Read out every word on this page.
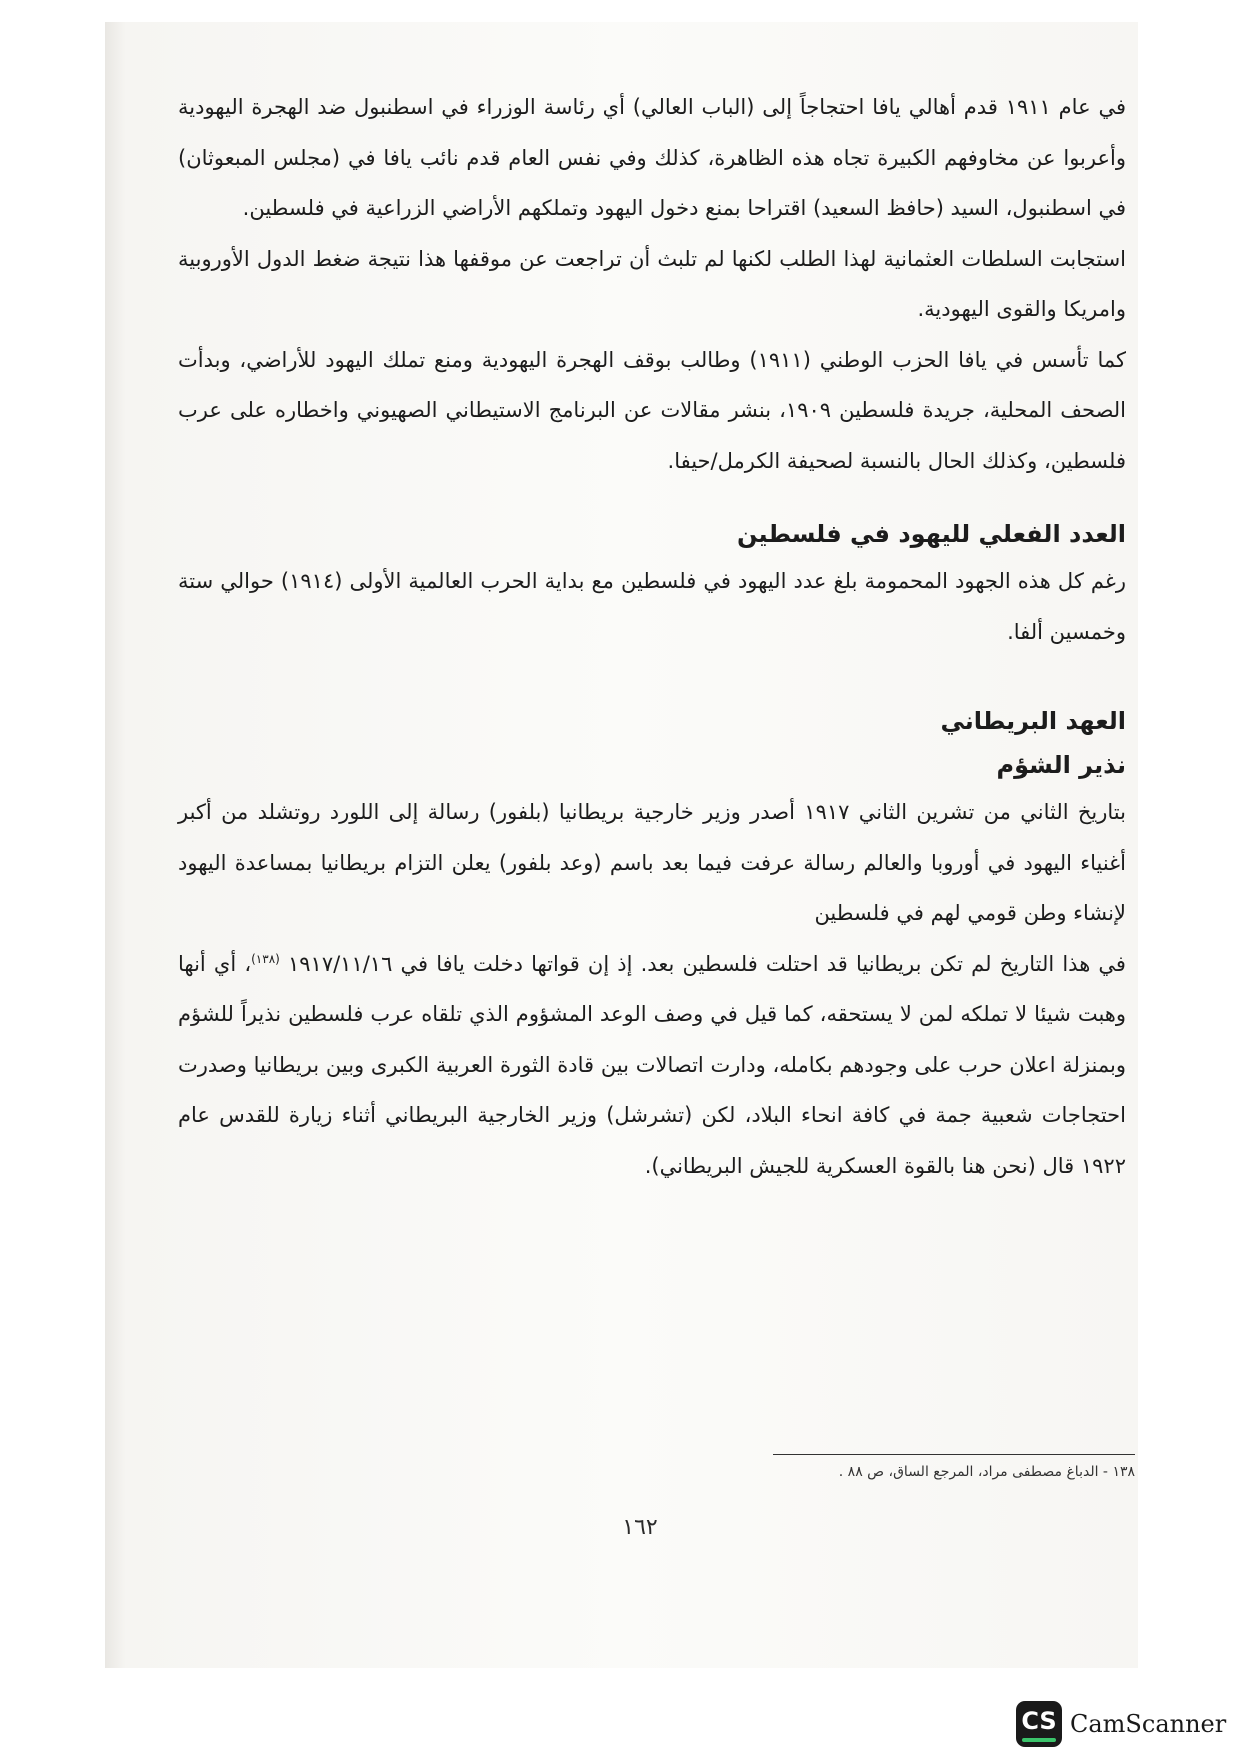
في عام ١٩١١ قدم أهالي يافا احتجاجاً إلى (الباب العالي) أي رئاسة الوزراء في اسطنبول ضد الهجرة اليهودية وأعربوا عن مخاوفهم الكبيرة تجاه هذه الظاهرة، كذلك وفي نفس العام قدم نائب يافا في (مجلس المبعوثان) في اسطنبول، السيد (حافظ السعيد) اقتراحا بمنع دخول اليهود وتملكهم الأراضي الزراعية في فلسطين.

استجابت السلطات العثمانية لهذا الطلب لكنها لم تلبث أن تراجعت عن موقفها هذا نتيجة ضغط الدول الأوروبية وامريكا والقوى اليهودية.

كما تأسس في يافا الحزب الوطني (١٩١١) وطالب بوقف الهجرة اليهودية ومنع تملك اليهود للأراضي، وبدأت الصحف المحلية، جريدة فلسطين ١٩٠٩، بنشر مقالات عن البرنامج الاستيطاني الصهيوني واخطاره على عرب فلسطين، وكذلك الحال بالنسبة لصحيفة الكرمل/حيفا.

العدد الفعلي لليهود في فلسطين

رغم كل هذه الجهود المحمومة بلغ عدد اليهود في فلسطين مع بداية الحرب العالمية الأولى (١٩١٤) حوالي ستة وخمسين ألفا.

العهد البريطاني
نذير الشؤم

بتاريخ الثاني من تشرين الثاني ١٩١٧ أصدر وزير خارجية بريطانيا (بلفور) رسالة إلى اللورد روتشلد من أكبر أغنياء اليهود في أوروبا والعالم رسالة عرفت فيما بعد باسم (وعد بلفور) يعلن التزام بريطانيا بمساعدة اليهود لإنشاء وطن قومي لهم في فلسطين

في هذا التاريخ لم تكن بريطانيا قد احتلت فلسطين بعد. إذ إن قواتها دخلت يافا في ١٩١٧/١١/١٦ $^{(١٣٨)}$، أي أنها وهبت شيئا لا تملكه لمن لا يستحقه، كما قيل في وصف الوعد المشؤوم الذي تلقاه عرب فلسطين نذيراً للشؤم وبمنزلة اعلان حرب على وجودهم بكامله، ودارت اتصالات بين قادة الثورة العربية الكبرى وبين بريطانيا وصدرت احتجاجات شعبية جمة في كافة انحاء البلاد، لكن (تشرشل) وزير الخارجية البريطاني أثناء زيارة للقدس عام ١٩٢٢ قال (نحن هنا بالقوة العسكرية للجيش البريطاني).

١٣٨ - الدباغ مصطفى مراد، المرجع الساق، ص ٨٨ .
١٦٢
CS CamScanner
